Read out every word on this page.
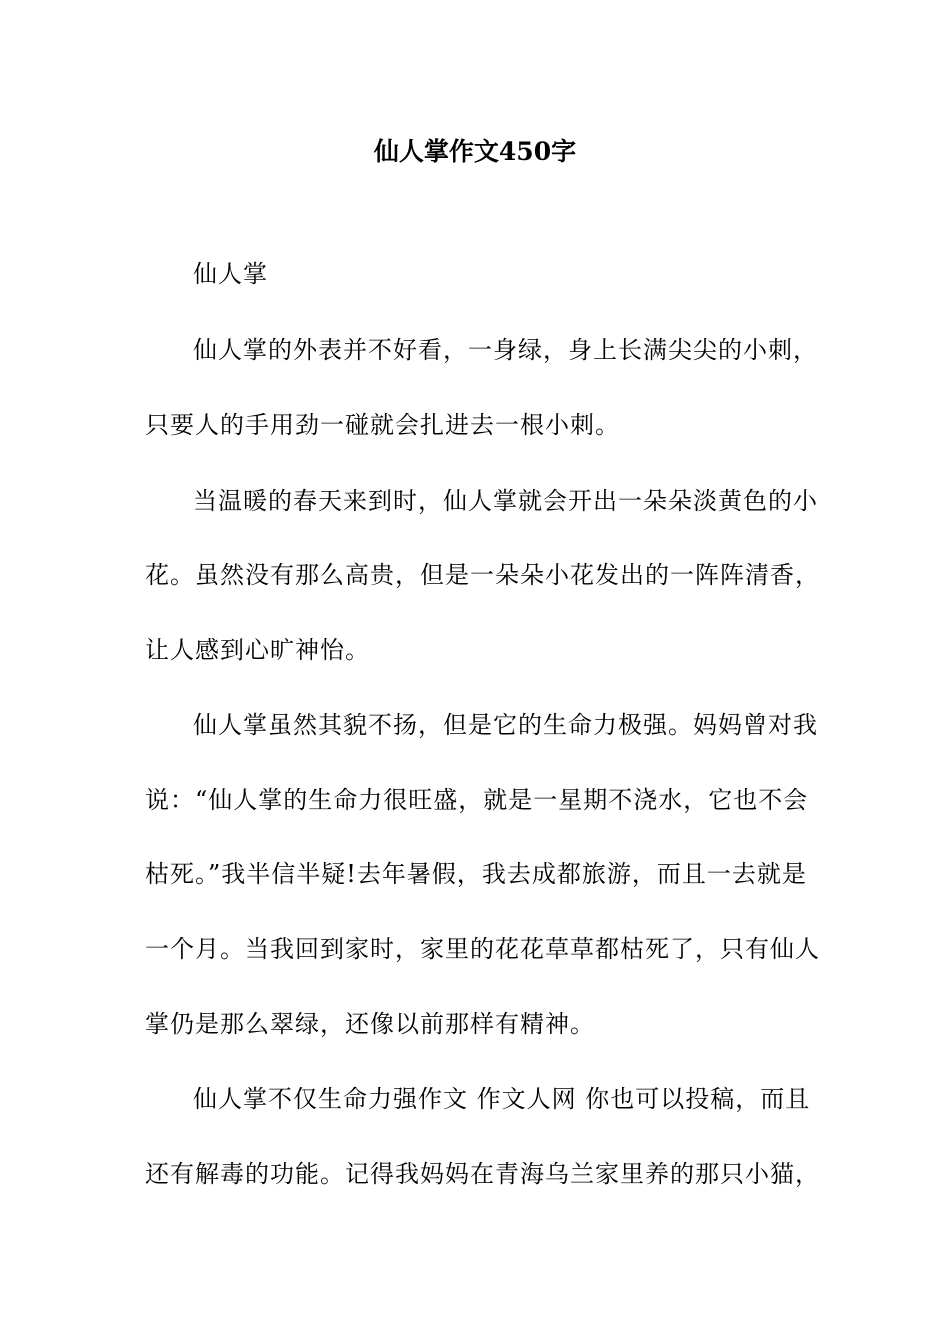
仙人掌作文450字
仙人掌
仙人掌的外表并不好看，一身绿，身上长满尖尖的小刺，
只要人的手用劲一碰就会扎进去一根小刺。
当温暖的春天来到时，仙人掌就会开出一朵朵淡黄色的小
花。虽然没有那么高贵，但是一朵朵小花发出的一阵阵清香，
让人感到心旷神怡。
仙人掌虽然其貌不扬，但是它的生命力极强。妈妈曾对我
说：“仙人掌的生命力很旺盛，就是一星期不浇水，它也不会
枯死。”我半信半疑!去年暑假，我去成都旅游，而且一去就是
一个月。当我回到家时，家里的花花草草都枯死了，只有仙人
掌仍是那么翠绿，还像以前那样有精神。
仙人掌不仅生命力强作文 作文人网 你也可以投稿，而且
还有解毒的功能。记得我妈妈在青海乌兰家里养的那只小猫，
